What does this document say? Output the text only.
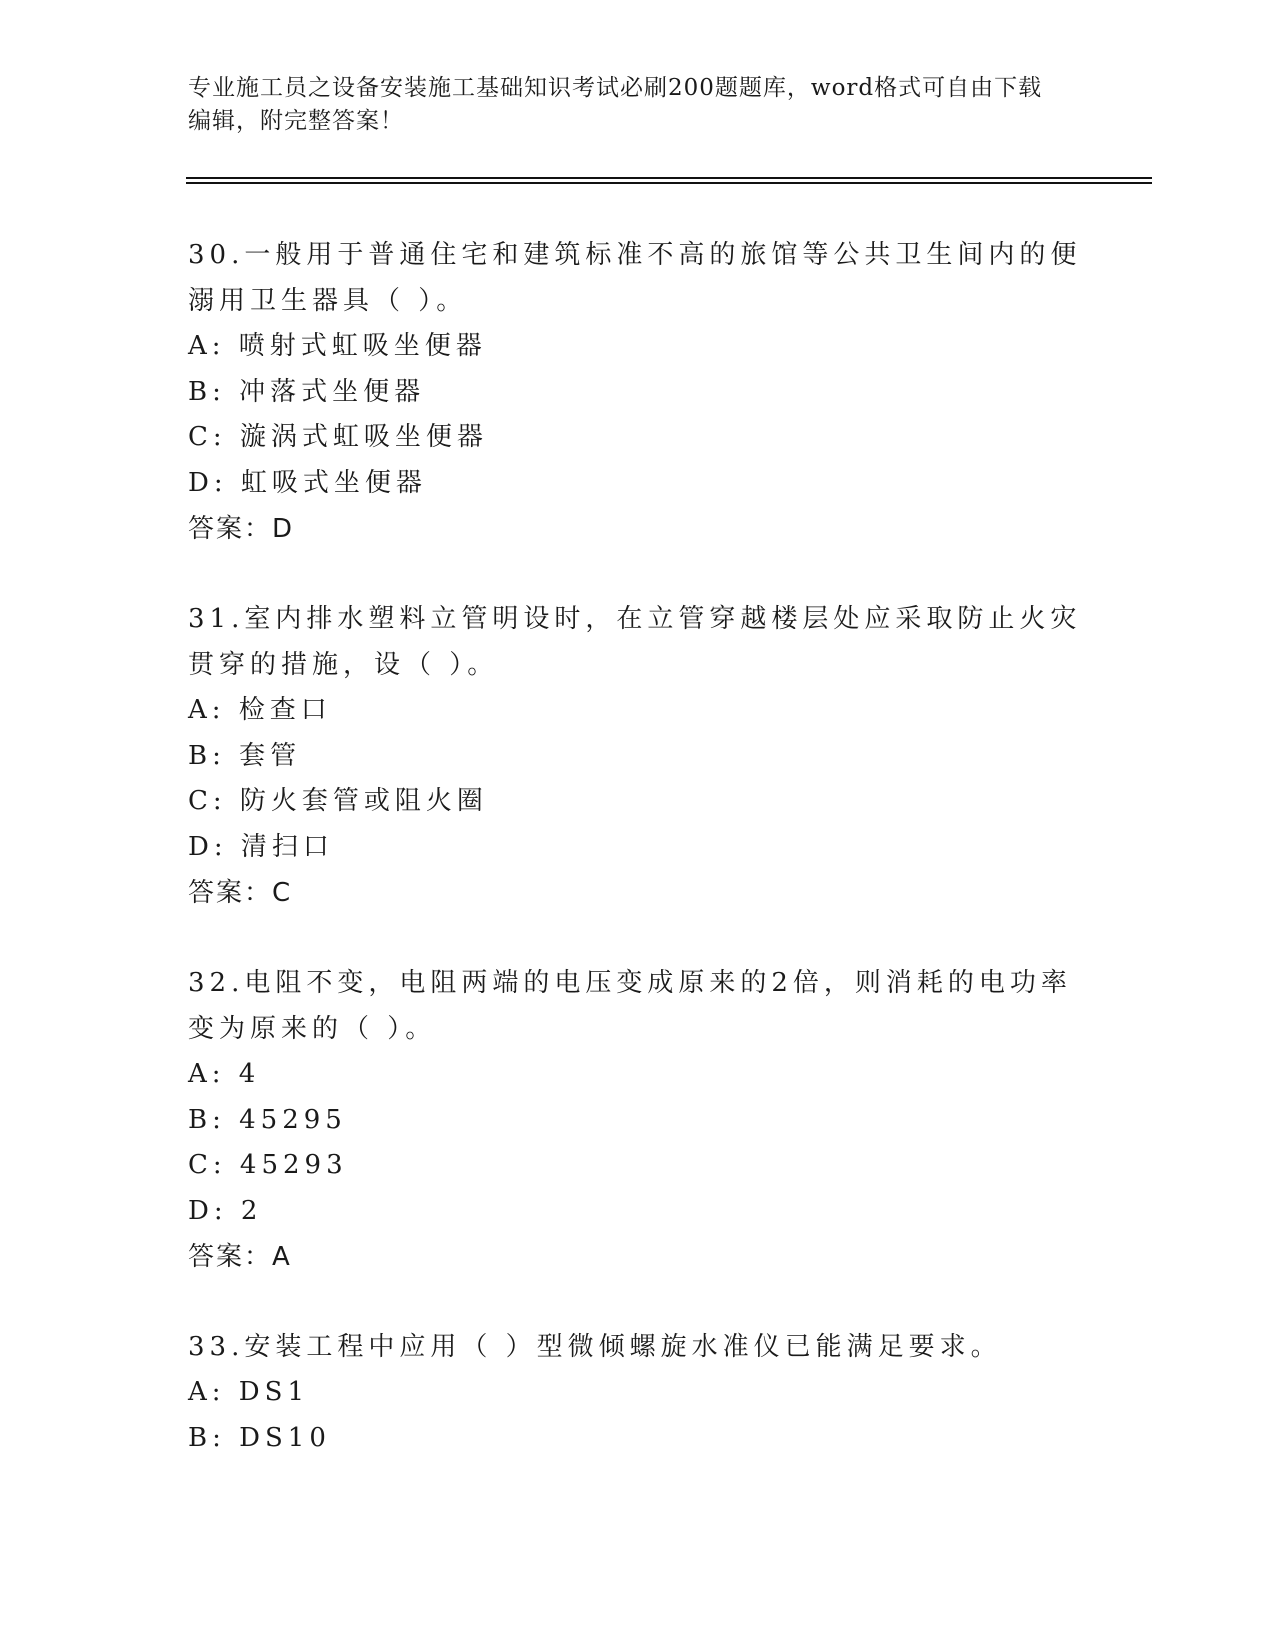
专业施工员之设备安装施工基础知识考试必刷200题题库，word格式可自由下载
编辑，附完整答案！

30.一般用于普通住宅和建筑标准不高的旅馆等公共卫生间内的便溺用卫生器具（ ）。

A: 喷射式虹吸坐便器

B: 冲落式坐便器

C: 漩涡式虹吸坐便器

D: 虹吸式坐便器

答案：D

31.室内排水塑料立管明设时，在立管穿越楼层处应采取防止火灾贯穿的措施，设（ ）。

A: 检查口

B: 套管

C: 防火套管或阻火圈

D: 清扫口

答案：C

32.电阻不变，电阻两端的电压变成原来的2倍，则消耗的电功率变为原来的（ ）。

A: 4

B: 45295

C: 45293

D: 2

答案：A

33.安装工程中应用（ ）型微倾螺旋水准仪已能满足要求。

A: DS1

B: DS10
